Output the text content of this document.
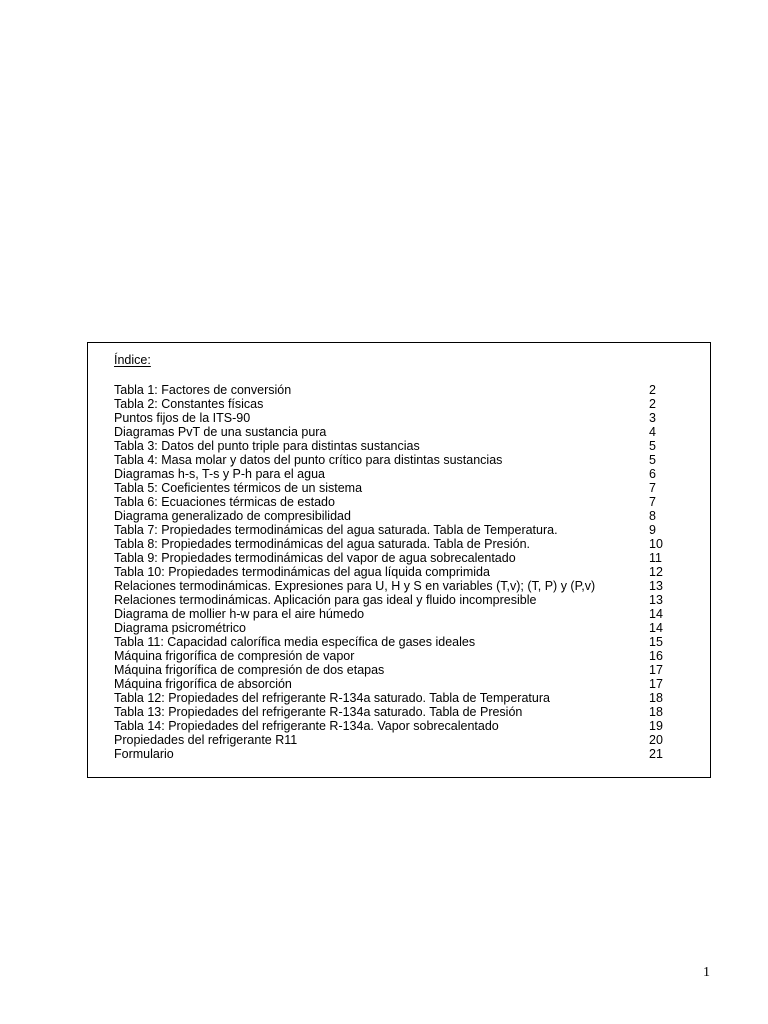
Índice:
Tabla 1: Factores de conversión	2
Tabla 2: Constantes físicas	2
Puntos fijos de la ITS-90	3
Diagramas PvT de una sustancia pura	4
Tabla 3: Datos del punto triple para distintas sustancias	5
Tabla 4: Masa molar y datos del punto crítico para distintas sustancias	5
Diagramas h-s, T-s y P-h para el agua	6
Tabla 5: Coeficientes térmicos de un sistema	7
Tabla 6: Ecuaciones térmicas de estado	7
Diagrama generalizado de compresibilidad	8
Tabla 7: Propiedades termodinámicas del agua saturada. Tabla de Temperatura.	9
Tabla 8: Propiedades termodinámicas del agua saturada. Tabla de Presión.	10
Tabla 9: Propiedades termodinámicas del vapor de agua sobrecalentado	11
Tabla 10: Propiedades termodinámicas del agua líquida comprimida	12
Relaciones termodinámicas. Expresiones para U, H y S en variables (T,v); (T, P) y (P,v)	13
Relaciones termodinámicas. Aplicación para gas ideal y fluido incompresible	13
Diagrama de mollier h-w para el aire húmedo	14
Diagrama psicrométrico	14
Tabla 11: Capacidad calorífica media específica de gases ideales	15
Máquina frigorífica de compresión de vapor	16
Máquina frigorífica de compresión de dos etapas	17
Máquina frigorífica de absorción	17
Tabla 12: Propiedades del refrigerante R-134a saturado. Tabla de Temperatura	18
Tabla 13: Propiedades del refrigerante R-134a saturado. Tabla de Presión	18
Tabla 14: Propiedades del refrigerante R-134a. Vapor sobrecalentado	19
Propiedades del refrigerante R11	20
Formulario	21
1
